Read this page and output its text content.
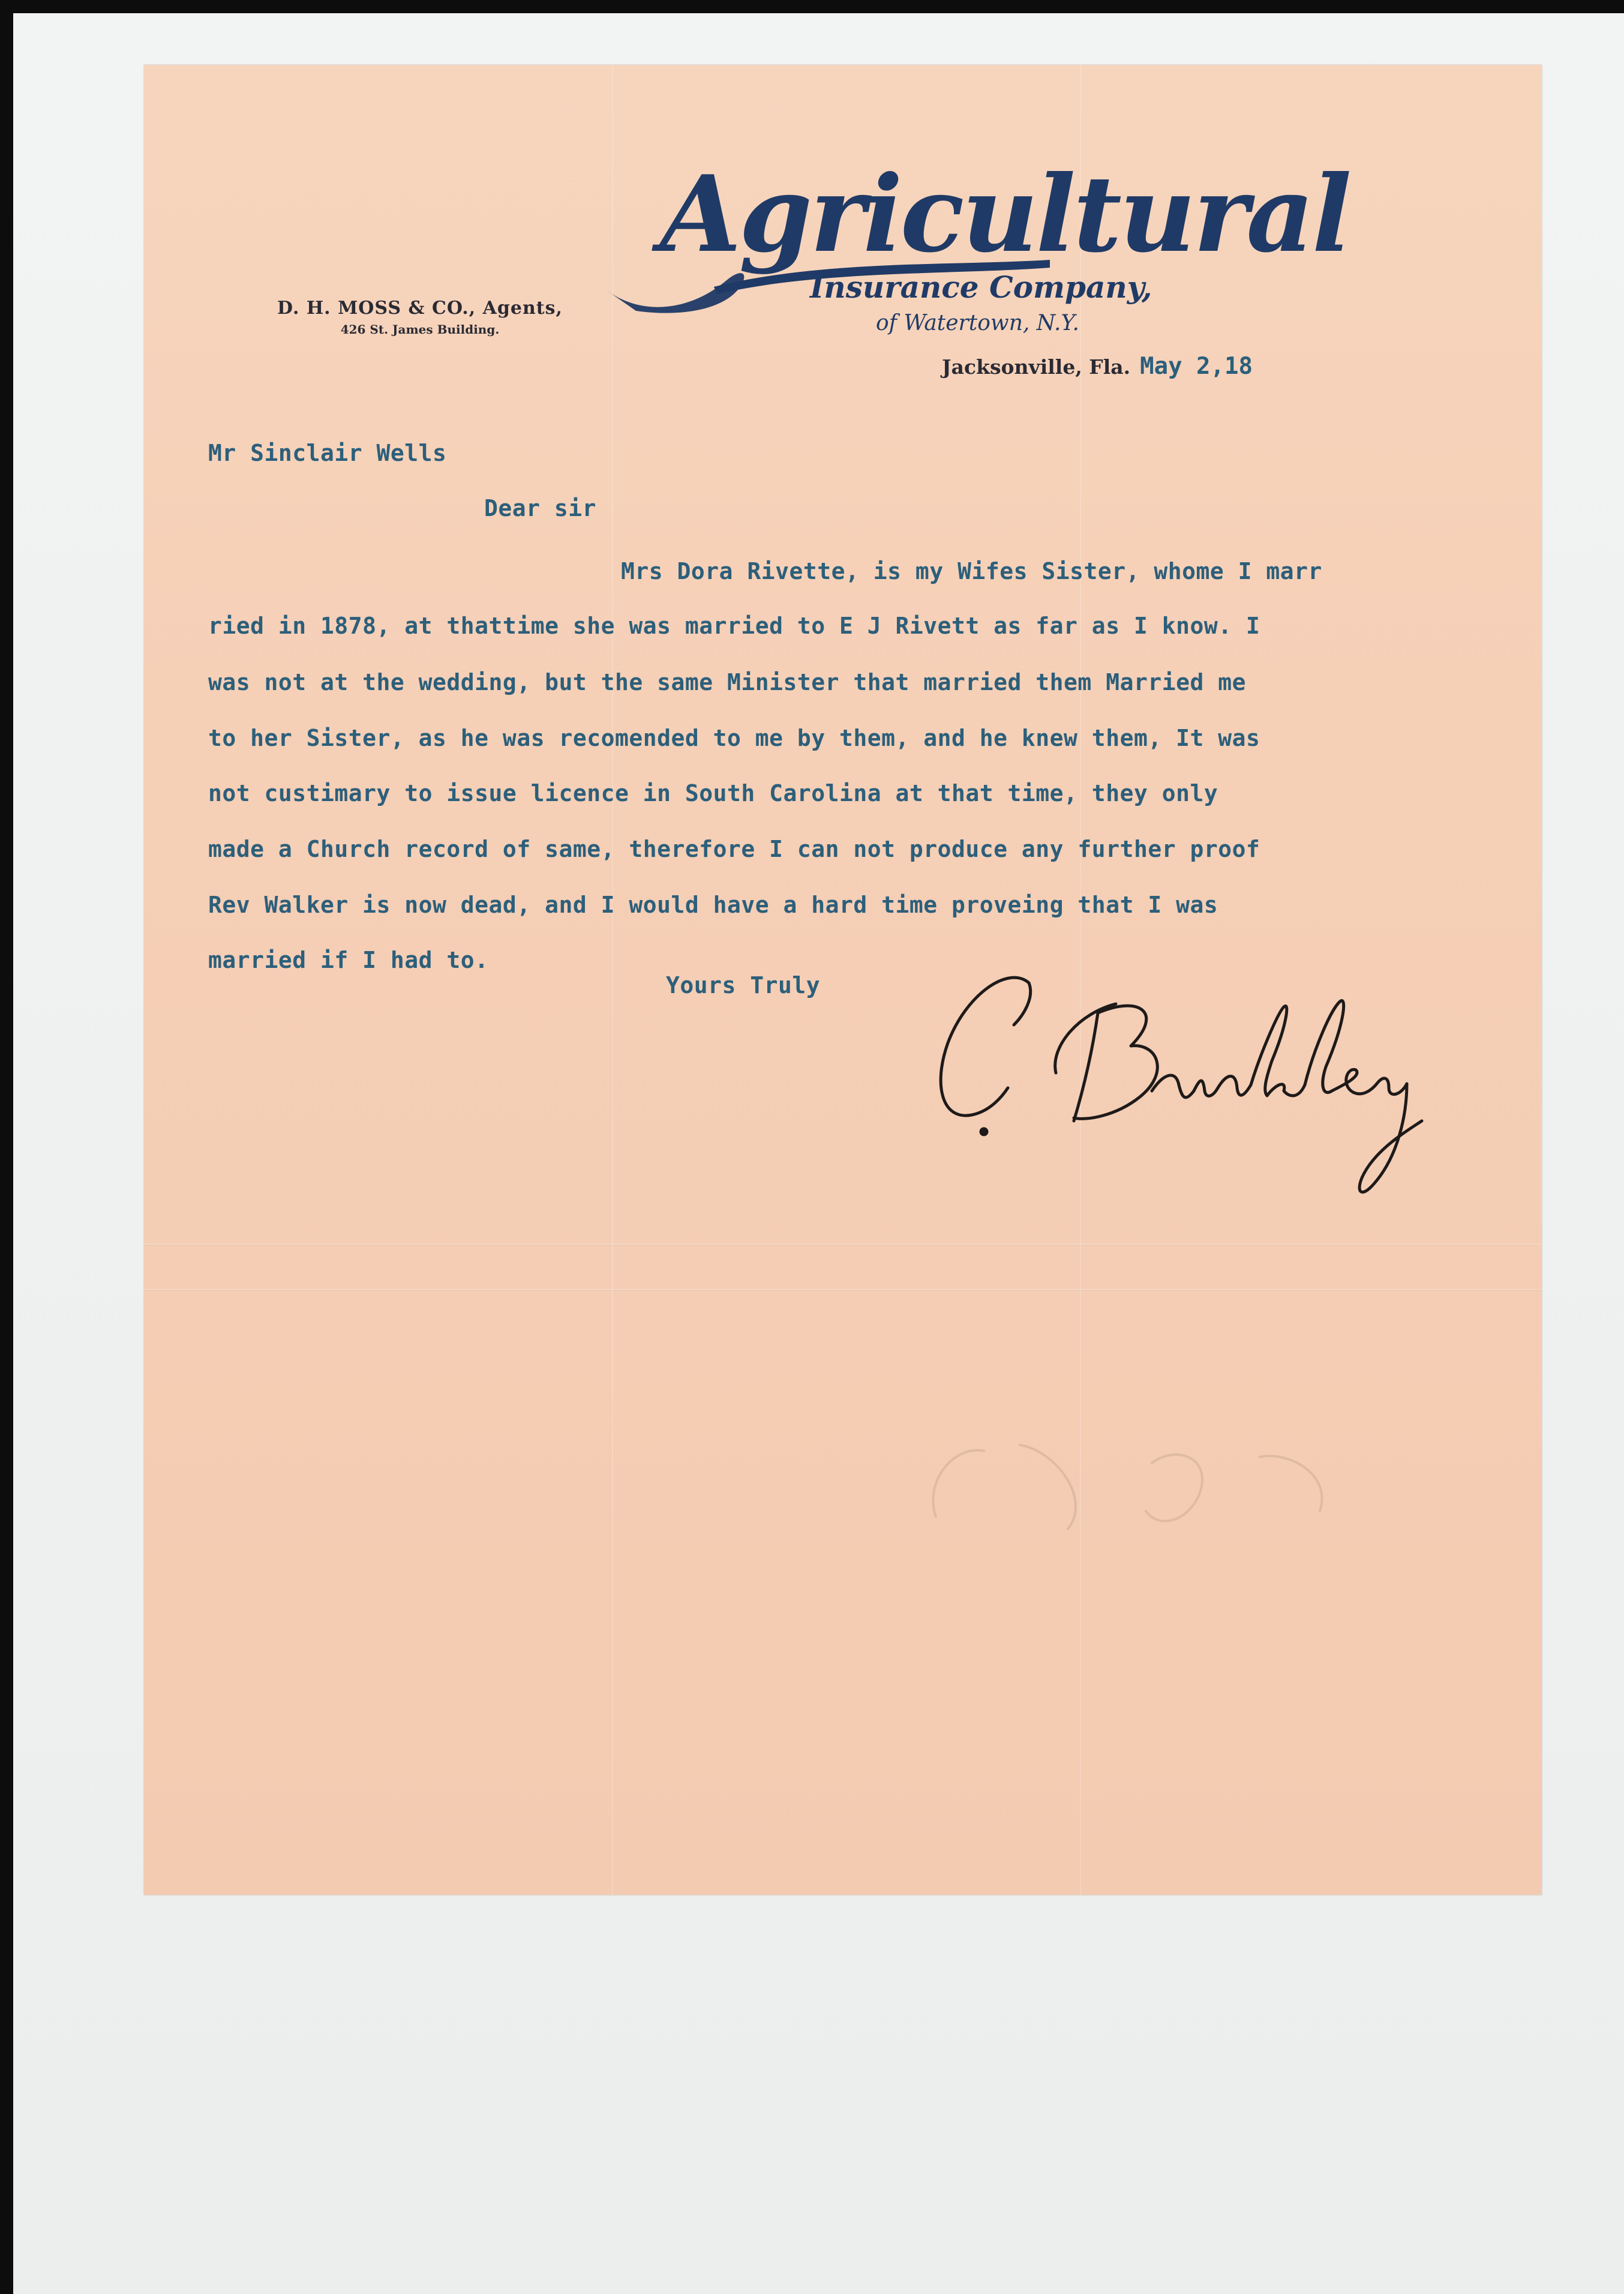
Agricultural
Insurance Company,
of Watertown, N.Y.
D. H. MOSS & CO., Agents,
426 St. James Building.
Jacksonville, Fla. May 2,18
Mr Sinclair Wells
Dear sir
Mrs Dora Rivette, is my Wifes Sister, whome I marr
ried in 1878, at thattime she was married to E J Rivett as far as I know. I
was not at the wedding, but the same Minister that married them Married me
to her Sister, as he was recomended to me by them, and he knew them, It was
not custimary to issue licence in South Carolina at that time, they only
made a Church record of same, therefore I can not produce any further proof
Rev Walker is now dead, and I would have a hard time proveing that I was
married if I had to.
Yours Truly
